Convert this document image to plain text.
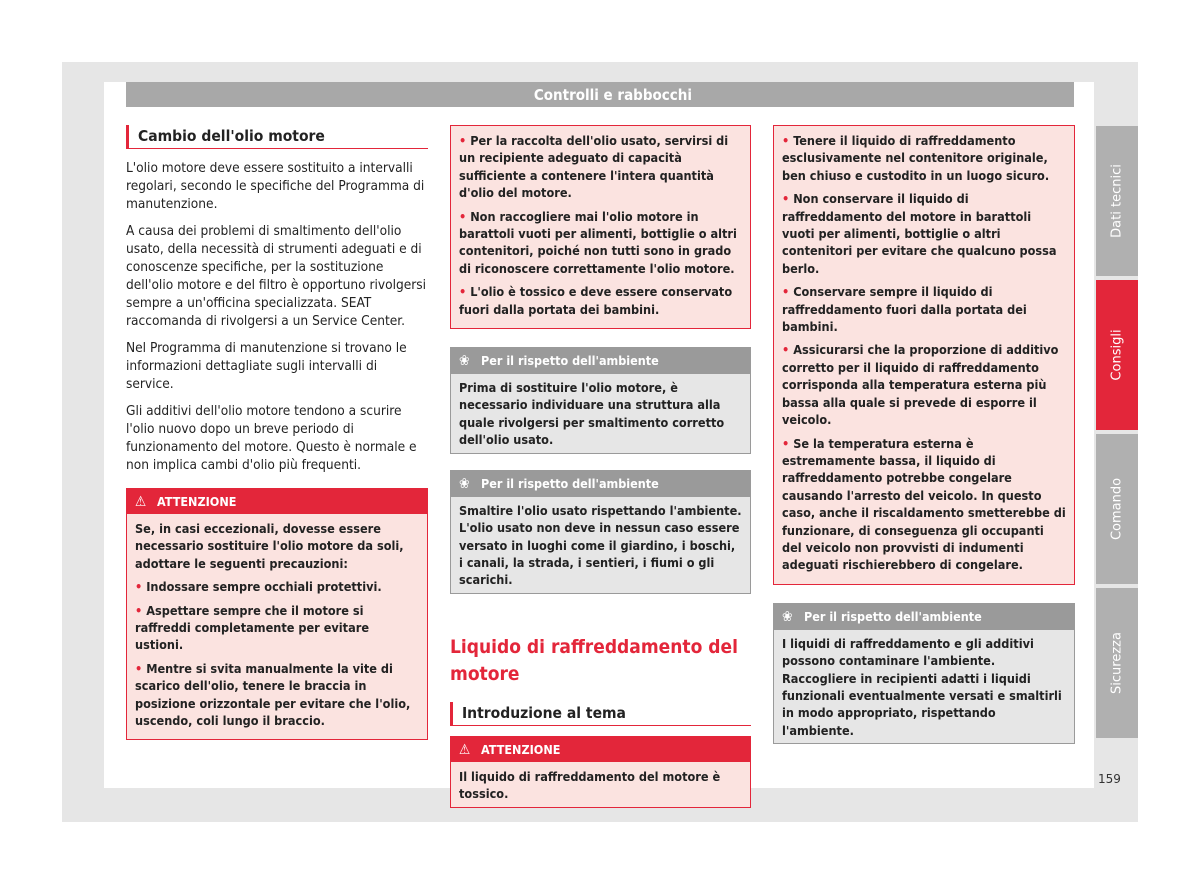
Controlli e rabbocchi
Dati tecnici
Consigli
Comando
Sicurezza
159
Cambio dell'olio motore

L'olio motore deve essere sostituito a intervalli regolari, secondo le specifiche del Programma di manutenzione.

A causa dei problemi di smaltimento dell'olio usato, della necessità di strumenti adeguati e di conoscenze specifiche, per la sostituzione dell'olio motore e del filtro è opportuno rivolgersi sempre a un'officina specializzata. SEAT raccomanda di rivolgersi a un Service Center.

Nel Programma di manutenzione si trovano le informazioni dettagliate sugli intervalli di service.

Gli additivi dell'olio motore tendono a scurire l'olio nuovo dopo un breve periodo di funzionamento del motore. Questo è normale e non implica cambi d'olio più frequenti.

⚠ ATTENZIONE

Se, in casi eccezionali, dovesse essere necessario sostituire l'olio motore da soli, adottare le seguenti precauzioni:

• Indossare sempre occhiali protettivi.

• Aspettare sempre che il motore si raffreddi completamente per evitare ustioni.

• Mentre si svita manualmente la vite di scarico dell'olio, tenere le braccia in posizione orizzontale per evitare che l'olio, uscendo, coli lungo il braccio.

• Per la raccolta dell'olio usato, servirsi di un recipiente adeguato di capacità sufficiente a contenere l'intera quantità d'olio del motore.

• Non raccogliere mai l'olio motore in barattoli vuoti per alimenti, bottiglie o altri contenitori, poiché non tutti sono in grado di riconoscere correttamente l'olio motore.

• L'olio è tossico e deve essere conservato fuori dalla portata dei bambini.

❀ Per il rispetto dell'ambiente
Prima di sostituire l'olio motore, è necessario individuare una struttura alla quale rivolgersi per smaltimento corretto dell'olio usato.
❀ Per il rispetto dell'ambiente
Smaltire l'olio usato rispettando l'ambiente. L'olio usato non deve in nessun caso essere versato in luoghi come il giardino, i boschi, i canali, la strada, i sentieri, i fiumi o gli scarichi.
Liquido di raffreddamento del motore
Introduzione al tema
⚠ ATTENZIONE
Il liquido di raffreddamento del motore è tossico.

• Tenere il liquido di raffreddamento esclusivamente nel contenitore originale, ben chiuso e custodito in un luogo sicuro.

• Non conservare il liquido di raffreddamento del motore in barattoli vuoti per alimenti, bottiglie o altri contenitori per evitare che qualcuno possa berlo.

• Conservare sempre il liquido di raffreddamento fuori dalla portata dei bambini.

• Assicurarsi che la proporzione di additivo corretto per il liquido di raffreddamento corrisponda alla temperatura esterna più bassa alla quale si prevede di esporre il veicolo.

• Se la temperatura esterna è estremamente bassa, il liquido di raffreddamento potrebbe congelare causando l'arresto del veicolo. In questo caso, anche il riscaldamento smetterebbe di funzionare, di conseguenza gli occupanti del veicolo non provvisti di indumenti adeguati rischierebbero di congelare.

❀ Per il rispetto dell'ambiente
I liquidi di raffreddamento e gli additivi possono contaminare l'ambiente. Raccogliere in recipienti adatti i liquidi funzionali eventualmente versati e smaltirli in modo appropriato, rispettando l'ambiente.
